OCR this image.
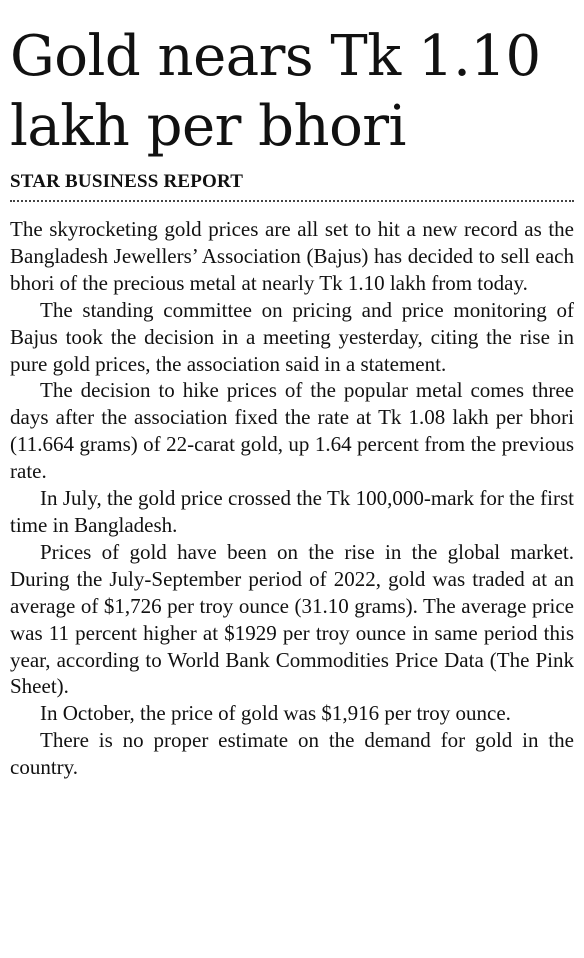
Gold nears Tk 1.10
lakh per bhori
STAR BUSINESS REPORT

The skyrocketing gold prices are all set to hit a new record as the Bangladesh Jewellers’ Association (Bajus) has decided to sell each bhori of the precious metal at nearly Tk 1.10 lakh from today.

The standing committee on pricing and price monitoring of Bajus took the decision in a meeting yesterday, citing the rise in pure gold prices, the association said in a statement.

The decision to hike prices of the popular metal comes three days after the association fixed the rate at Tk 1.08 lakh per bhori (11.664 grams) of 22-carat gold, up 1.64 percent from the previous rate.

In July, the gold price crossed the Tk 100,000-mark for the first time in Bangladesh.

Prices of gold have been on the rise in the global market. During the July-September period of 2022, gold was traded at an average of $1,726 per troy ounce (31.10 grams). The average price was 11 percent higher at $1929 per troy ounce in same period this year, according to World Bank Commodities Price Data (The Pink Sheet).

In October, the price of gold was $1,916 per troy ounce.

There is no proper estimate on the demand for gold in the country.
